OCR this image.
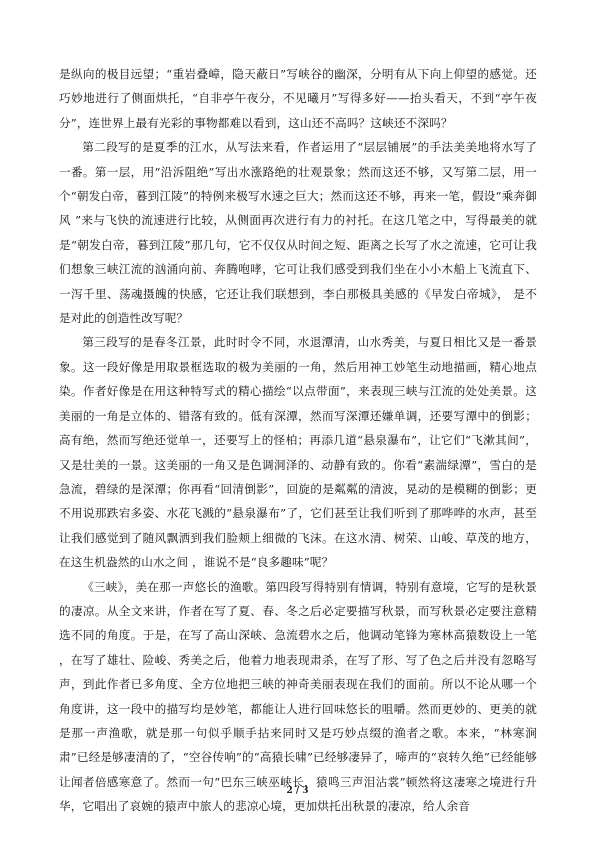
是纵向的极目远望；“重岩叠嶂，隐天蔽日”写峡谷的幽深，分明有从下向上仰望的感觉。还巧妙地进行了侧面烘托，“自非亭午夜分，不见曦月”写得多好——抬头看天，不到“亭午夜分”，连世界上最有光彩的事物都难以看到，这山还不高吗？这峡还不深吗？

第二段写的是夏季的江水，从写法来看，作者运用了“层层铺展”的手法美美地将水写了一番。第一层，用“沿泝阻绝”写出水涨路绝的壮观景象；然而这还不够，又写第二层，用一个“朝发白帝，暮到江陵”的特例来极写水速之巨大；然而这还不够，再来一笔，假设“乘奔御风 ”来与飞快的流速进行比较，从侧面再次进行有力的衬托。在这几笔之中，写得最美的就是“朝发白帝，暮到江陵”那几句，它不仅仅从时间之短、距离之长写了水之流速，它可让我们想象三峡江流的汹涌向前、奔腾咆哮，它可让我们感受到我们坐在小小木船上飞流直下、一泻千里、荡魂摄魄的快感，它还让我们联想到，李白那极具美感的《早发白帝城》， 是不是对此的创造性改写呢？

第三段写的是春冬江景，此时时令不同，水退潭清，山水秀美，与夏日相比又是一番景象。这一段好像是用取景框选取的极为美丽的一角，然后用神工妙笔生动地描画，精心地点染。作者好像是在用这种特写式的精心描绘“以点带面”，来表现三峡与江流的处处美景。这美丽的一角是立体的、错落有致的。低有深潭，然而写深潭还嫌单调，还要写潭中的倒影；高有绝，然而写绝还觉单一，还要写上的怪柏；再添几道“悬泉瀑布”，让它们“飞漱其间”，又是壮美的一景。这美丽的一角又是色调洞泽的、动静有致的。你看“素湍绿潭”，雪白的是急流，碧绿的是深潭；你再看“回清倒影”，回旋的是粼粼的清波，晃动的是模糊的倒影；更不用说那跌宕多姿、水花飞溅的“悬泉瀑布”了，它们甚至让我们听到了那哗哗的水声，甚至让我们感觉到了随风飘洒到我们脸颊上细微的飞沫。在这水清、树荣、山峻、草茂的地方，在这生机盎然的山水之间 ，谁说不是“良多趣味”呢？

《三峡》，美在那一声悠长的渔歌。第四段写得特别有情调，特别有意境，它写的是秋景的凄凉。从全文来讲，作者在写了夏、春、冬之后必定要描写秋景，而写秋景必定要注意精选不同的角度。于是，在写了高山深峡、急流碧水之后，他调动笔锋为寒林高猿数设上一笔 ，在写了雄壮、险峻、秀美之后，他着力地表现肃杀，在写了形、写了色之后并没有忽略写声，到此作者已多角度、全方位地把三峡的神奇美丽表现在我们的面前。所以不论从哪一个角度讲，这一段中的描写均是妙笔，都能让人进行回味悠长的咀嚼。然而更妙的、更美的就是那一声渔歌，就是那一句似乎顺手拈来同时又是巧妙点缀的渔者之歌。本来，“林寒涧肃”已经是够凄清的了，“空谷传响”的“高猿长啸”已经够凄异了，啼声的“哀转久绝”已经能够让闻者倍感寒意了。然而一句“巴东三峡巫峡长，猿鸣三声泪沾裳”顿然将这凄寒之境进行升华，它唱出了哀婉的猿声中旅人的悲凉心境，更加烘托出秋景的凄凉，给人余音

2 / 3
